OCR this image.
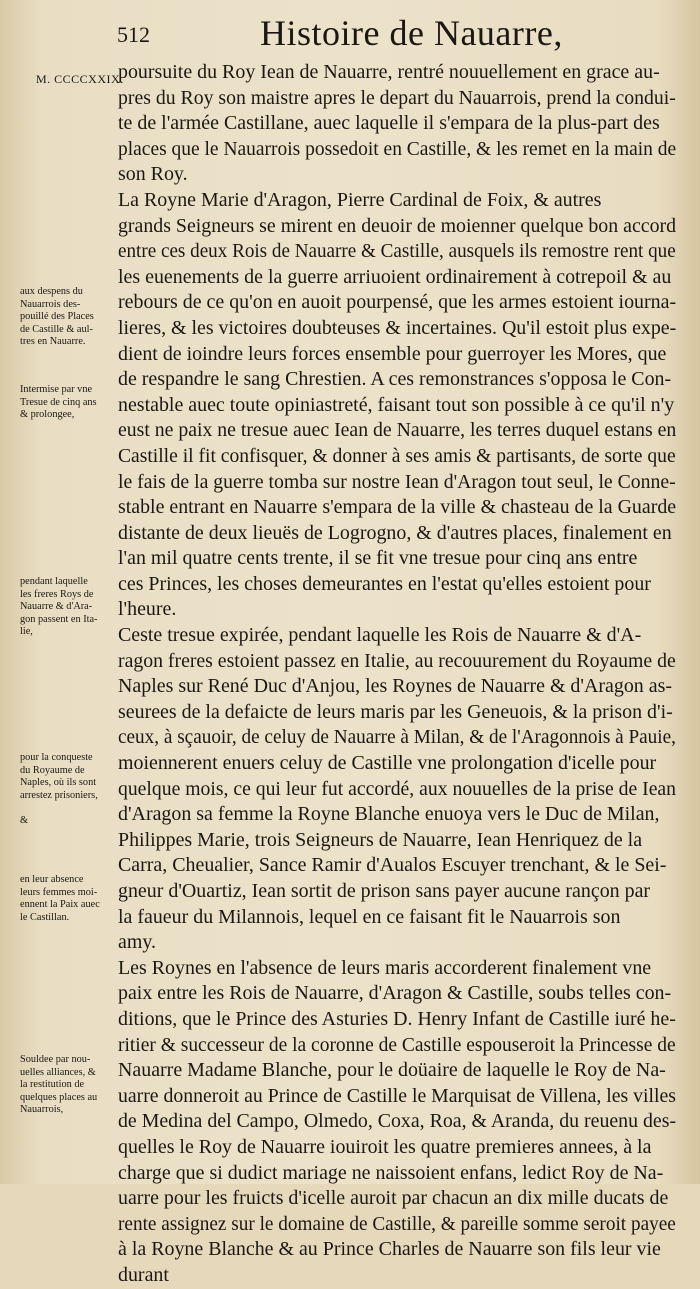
512	Histoire de Nauarre,
M. CCCCXXIX.
poursuite du Roy Iean de Nauarre, rentré nouuellement en grace au-
pres du Roy son maistre apres le depart du Nauarrois, prend la condui-
te de l'armée Castillane, auec laquelle il s'empara de la plus-part des
places que le Nauarrois possedoit en Castille, & les remet en la main de
son Roy.
La Royne Marie d'Aragon, Pierre Cardinal de Foix, & autres
grands Seigneurs se mirent en deuoir de moienner quelque bon accord
entre ces deux Rois de Nauarre & Castille, ausquels ils remostre rent que
les euenements de la guerre arriuoient ordinairement à cotrepoil & au
rebours de ce qu'on en auoit pourpensé, que les armes estoient iourna-
lieres, & les victoires doubteuses & incertaines. Qu'il estoit plus expe-
dient de ioindre leurs forces ensemble pour guerroyer les Mores, que
de respandre le sang Chrestien. A ces remonstrances s'opposa le Con-
nestable auec toute opiniastreté, faisant tout son possible à ce qu'il n'y
eust ne paix ne tresue auec Iean de Nauarre, les terres duquel estans en
Castille il fit confisquer, & donner à ses amis & partisants, de sorte que
le fais de la guerre tomba sur nostre Iean d'Aragon tout seul, le Conne-
stable entrant en Nauarre s'empara de la ville & chasteau de la Guarde
distante de deux lieuës de Logrogno, & d'autres places, finalement en
l'an mil quatre cents trente, il se fit vne tresue pour cinq ans entre
ces Princes, les choses demeurantes en l'estat qu'elles estoient pour
l'heure.
Ceste tresue expirée, pendant laquelle les Rois de Nauarre & d'A-
ragon freres estoient passez en Italie, au recouurement du Royaume de
Naples sur René Duc d'Anjou, les Roynes de Nauarre & d'Aragon as-
seurees de la defaicte de leurs maris par les Geneuois, & la prison d'i-
ceux, à sçauoir, de celuy de Nauarre à Milan, & de l'Aragonnois à Pauie,
moiennerent enuers celuy de Castille vne prolongation d'icelle pour
quelque mois, ce qui leur fut accordé, aux nouuelles de la prise de Iean
d'Aragon sa femme la Royne Blanche enuoya vers le Duc de Milan,
Philippes Marie, trois Seigneurs de Nauarre, Iean Henriquez de la
Carra, Cheualier, Sance Ramir d'Aualos Escuyer trenchant, & le Sei-
gneur d'Ouartiz, Iean sortit de prison sans payer aucune rançon par
la faueur du Milannois, lequel en ce faisant fit le Nauarrois son
amy.
Les Roynes en l'absence de leurs maris accorderent finalement vne
paix entre les Rois de Nauarre, d'Aragon & Castille, soubs telles con-
ditions, que le Prince des Asturies D. Henry Infant de Castille iuré he-
ritier & successeur de la coronne de Castille espouseroit la Princesse de
Nauarre Madame Blanche, pour le doüaire de laquelle le Roy de Na-
uarre donneroit au Prince de Castille le Marquisat de Villena, les villes
de Medina del Campo, Olmedo, Coxa, Roa, & Aranda, du reuenu des-
quelles le Roy de Nauarre iouiroit les quatre premieres annees, à la
charge que si dudict mariage ne naissoient enfans, ledict Roy de Na-
uarre pour les fruicts d'icelle auroit par chacun an dix mille ducats de
rente assignez sur le domaine de Castille, & pareille somme seroit payee
à la Royne Blanche & au Prince Charles de Nauarre son fils leur vie
durant
aux despens du
Nauarrois des-
pouillé des Places
de Castille & aul-
tres en Nauarre.
Intermise par vne
Tresue de cinq ans
& prolongee,
pendant laquelle
les freres Roys de
Nauarre & d'Ara-
gon passent en Ita-
lie,
pour la conqueste
du Royaume de
Naples, où ils sont
arrestez prisoniers,

&
en leur absence
leurs femmes moi-
ennent la Paix auec
le Castillan.
Souldee par nou-
uelles alliances, &
la restitution de
quelques places au
Nauarrois,
